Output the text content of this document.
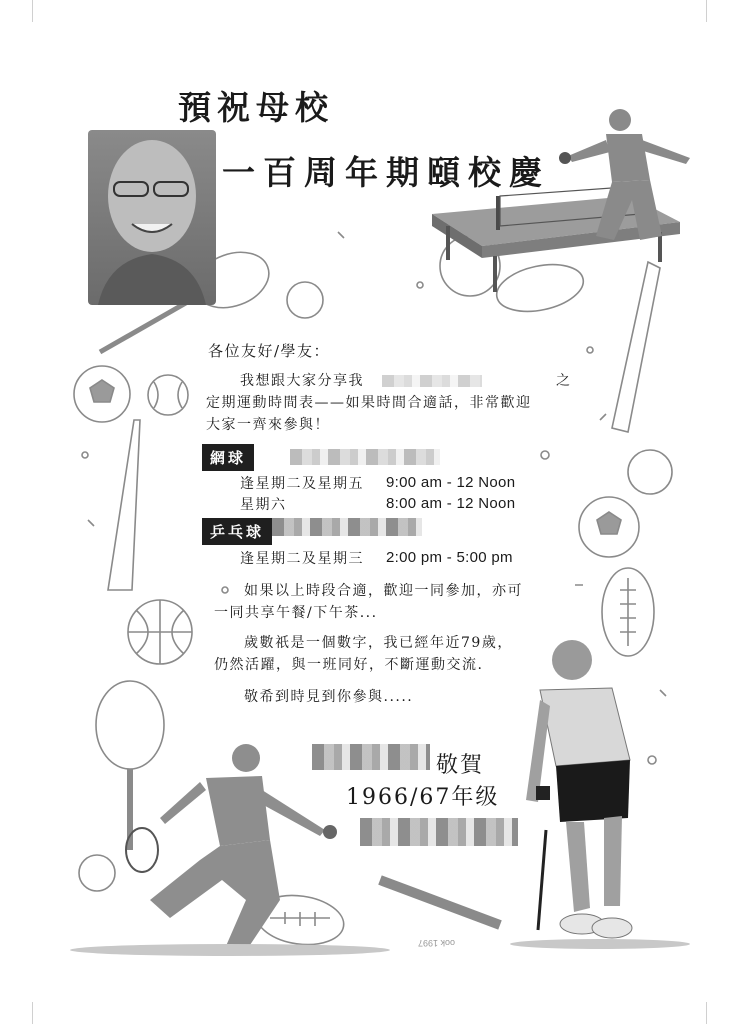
預祝母校
一百周年期頤校慶
各位友好/學友：
我想跟大家分享我	之
定期運動時間表——如果時間合適話，非常歡迎
大家一齊來參與！
網球
逢星期二及星期五 9:00 am - 12 Noon
星期六	8:00 am - 12 Noon
乒乓球
逢星期二及星期三 2:00 pm - 5:00 pm
如果以上時段合適，歡迎一同參加，亦可
一同共享午餐/下午茶...
歲數祇是一個數字，我已經年近79歲，
仍然活躍，與一班同好，不斷運動交流.
敬希到時見到你參與.....
敬賀
1966/67年级
ook 1997
